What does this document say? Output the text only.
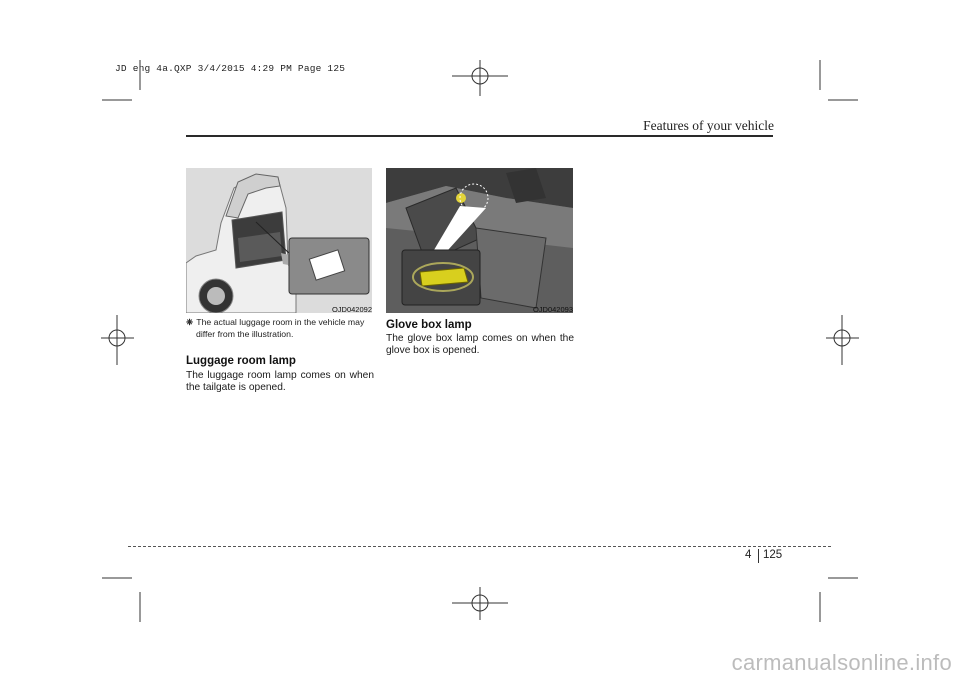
JD eng 4a.QXP 3/4/2015 4:29 PM Page 125
Features of your vehicle
OJD042092	OJD042093
❈ The actual luggage room in the vehicle may
differ from the illustration.
Luggage room lamp
The luggage room lamp comes on when
the tailgate is opened.
Glove box lamp
The glove box lamp comes on when the
glove box is opened.
4 125
carmanualsonline.info
